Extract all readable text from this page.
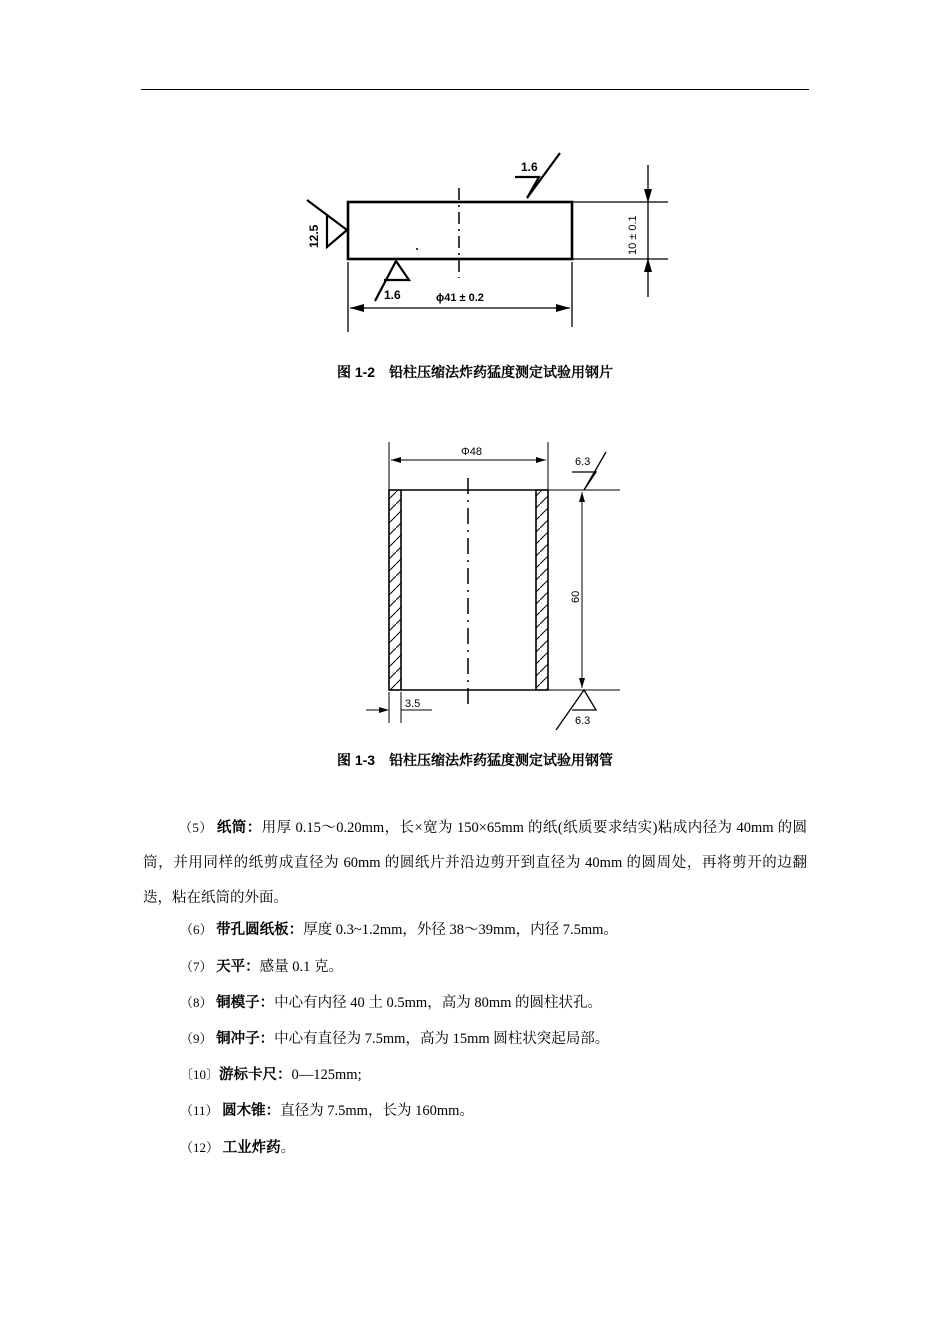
1.6
1.6
12.5
ϕ41 ± 0.2
10 ± 0.1
图 1-2 铅柱压缩法炸药猛度测定试验用钢片
Φ48
6.3
6.3
60
3.5
图 1-3 铅柱压缩法炸药猛度测定试验用钢管
（5） 纸筒：用厚 0.15～0.20mm，长×宽为 150×65mm 的纸(纸质要求结实)粘成内径为 40mm 的圆筒，并用同样的纸剪成直径为 60mm 的圆纸片并沿边剪开到直径为 40mm 的圆周处，再将剪开的边翻迭，粘在纸筒的外面。
（6） 带孔圆纸板：厚度 0.3~1.2mm，外径 38～39mm，内径 7.5mm。
（7） 天平：感量 0.1 克。
（8） 铜模子：中心有内径 40 土 0.5mm，高为 80mm 的圆柱状孔。
（9） 铜冲子：中心有直径为 7.5mm，高为 15mm 圆柱状突起局部。
〔10〕游标卡尺：0—125mm;
（11） 圆木锥：直径为 7.5mm，长为 160mm。
（12） 工业炸药。
